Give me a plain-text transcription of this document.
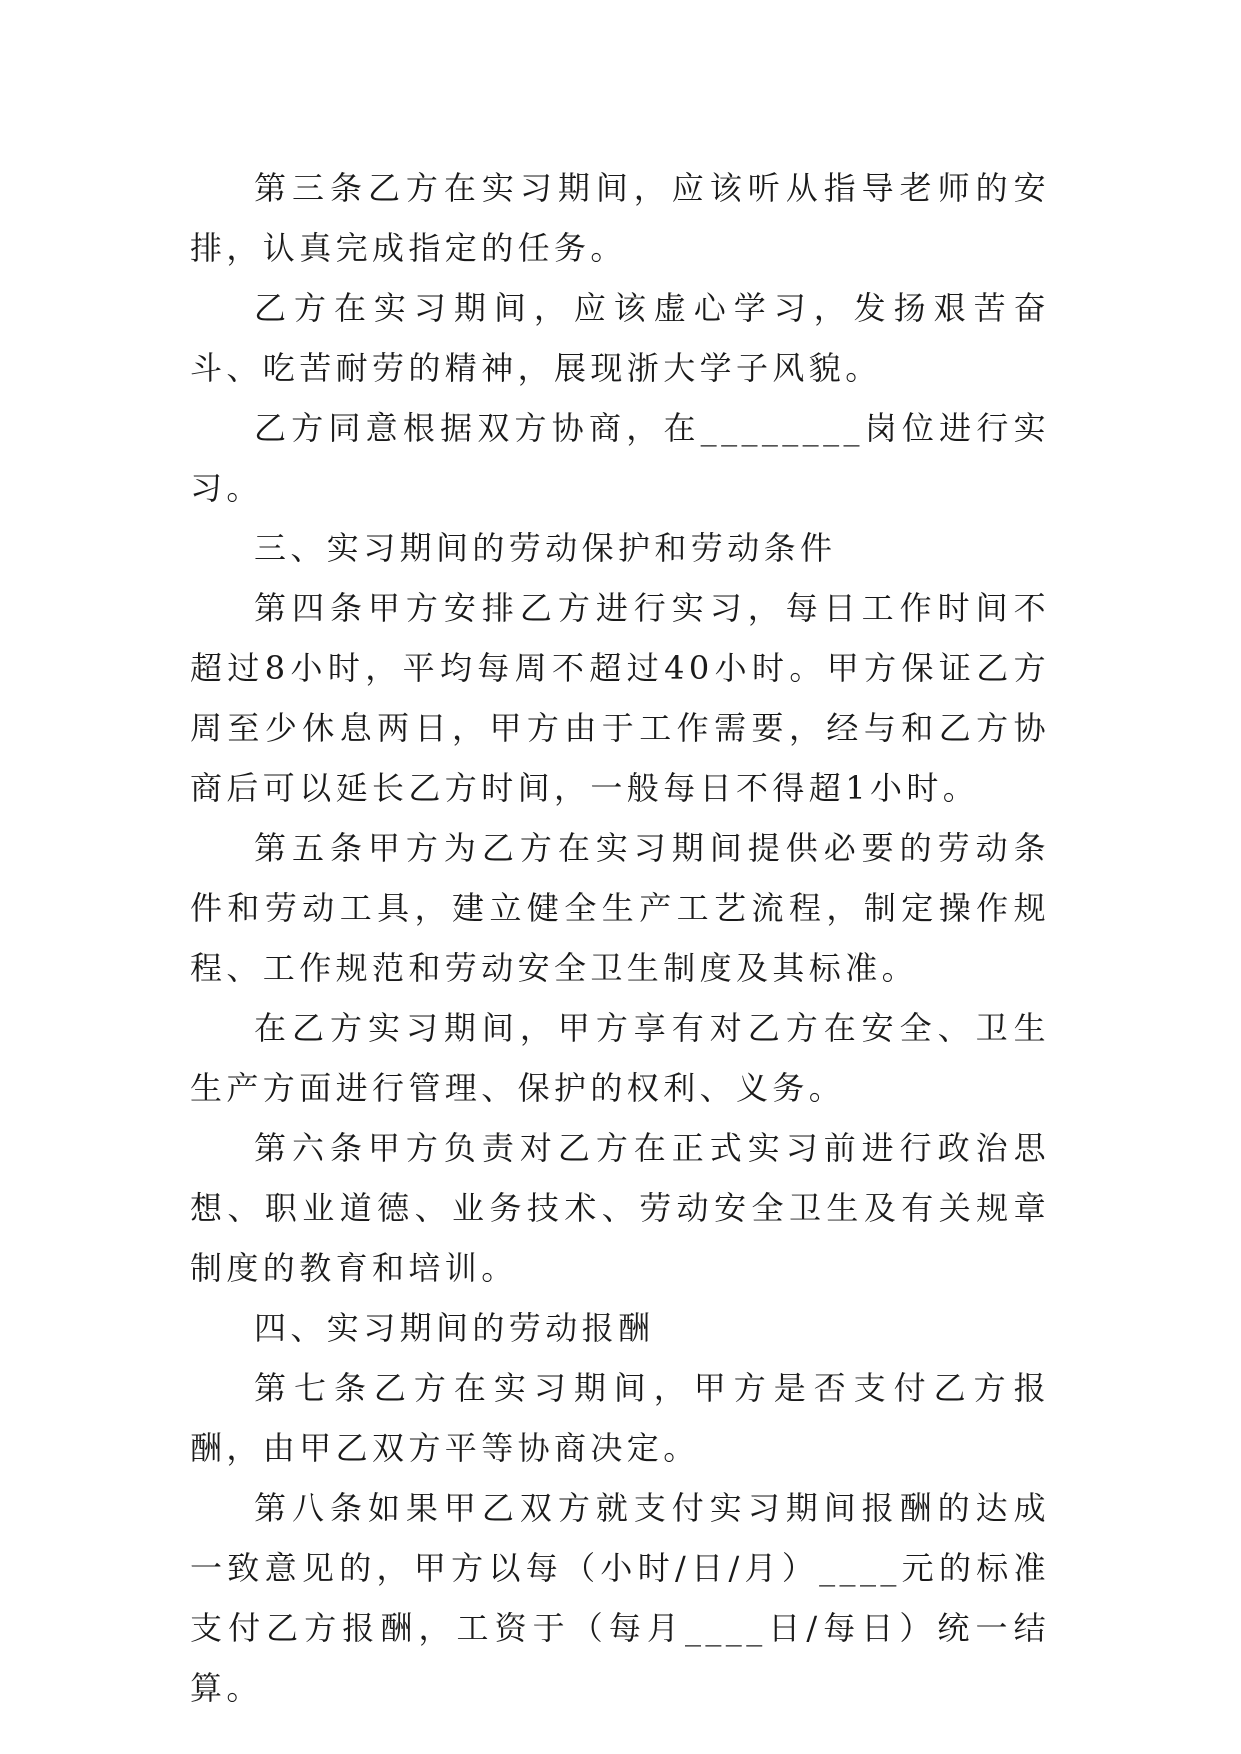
第三条乙方在实习期间，应该听从指导老师的安排，认真完成指定的任务。

乙方在实习期间，应该虚心学习，发扬艰苦奋斗、吃苦耐劳的精神，展现浙大学子风貌。

乙方同意根据双方协商，在________岗位进行实习。

三、实习期间的劳动保护和劳动条件

第四条甲方安排乙方进行实习，每日工作时间不超过8小时，平均每周不超过40小时。甲方保证乙方周至少休息两日，甲方由于工作需要，经与和乙方协商后可以延长乙方时间，一般每日不得超1小时。

第五条甲方为乙方在实习期间提供必要的劳动条件和劳动工具，建立健全生产工艺流程，制定操作规程、工作规范和劳动安全卫生制度及其标准。

在乙方实习期间，甲方享有对乙方在安全、卫生生产方面进行管理、保护的权利、义务。

第六条甲方负责对乙方在正式实习前进行政治思想、职业道德、业务技术、劳动安全卫生及有关规章制度的教育和培训。

四、实习期间的劳动报酬

第七条乙方在实习期间，甲方是否支付乙方报酬，由甲乙双方平等协商决定。

第八条如果甲乙双方就支付实习期间报酬的达成一致意见的，甲方以每（小时/日/月）____元的标准支付乙方报酬，工资于（每月____日/每日）统一结算。
